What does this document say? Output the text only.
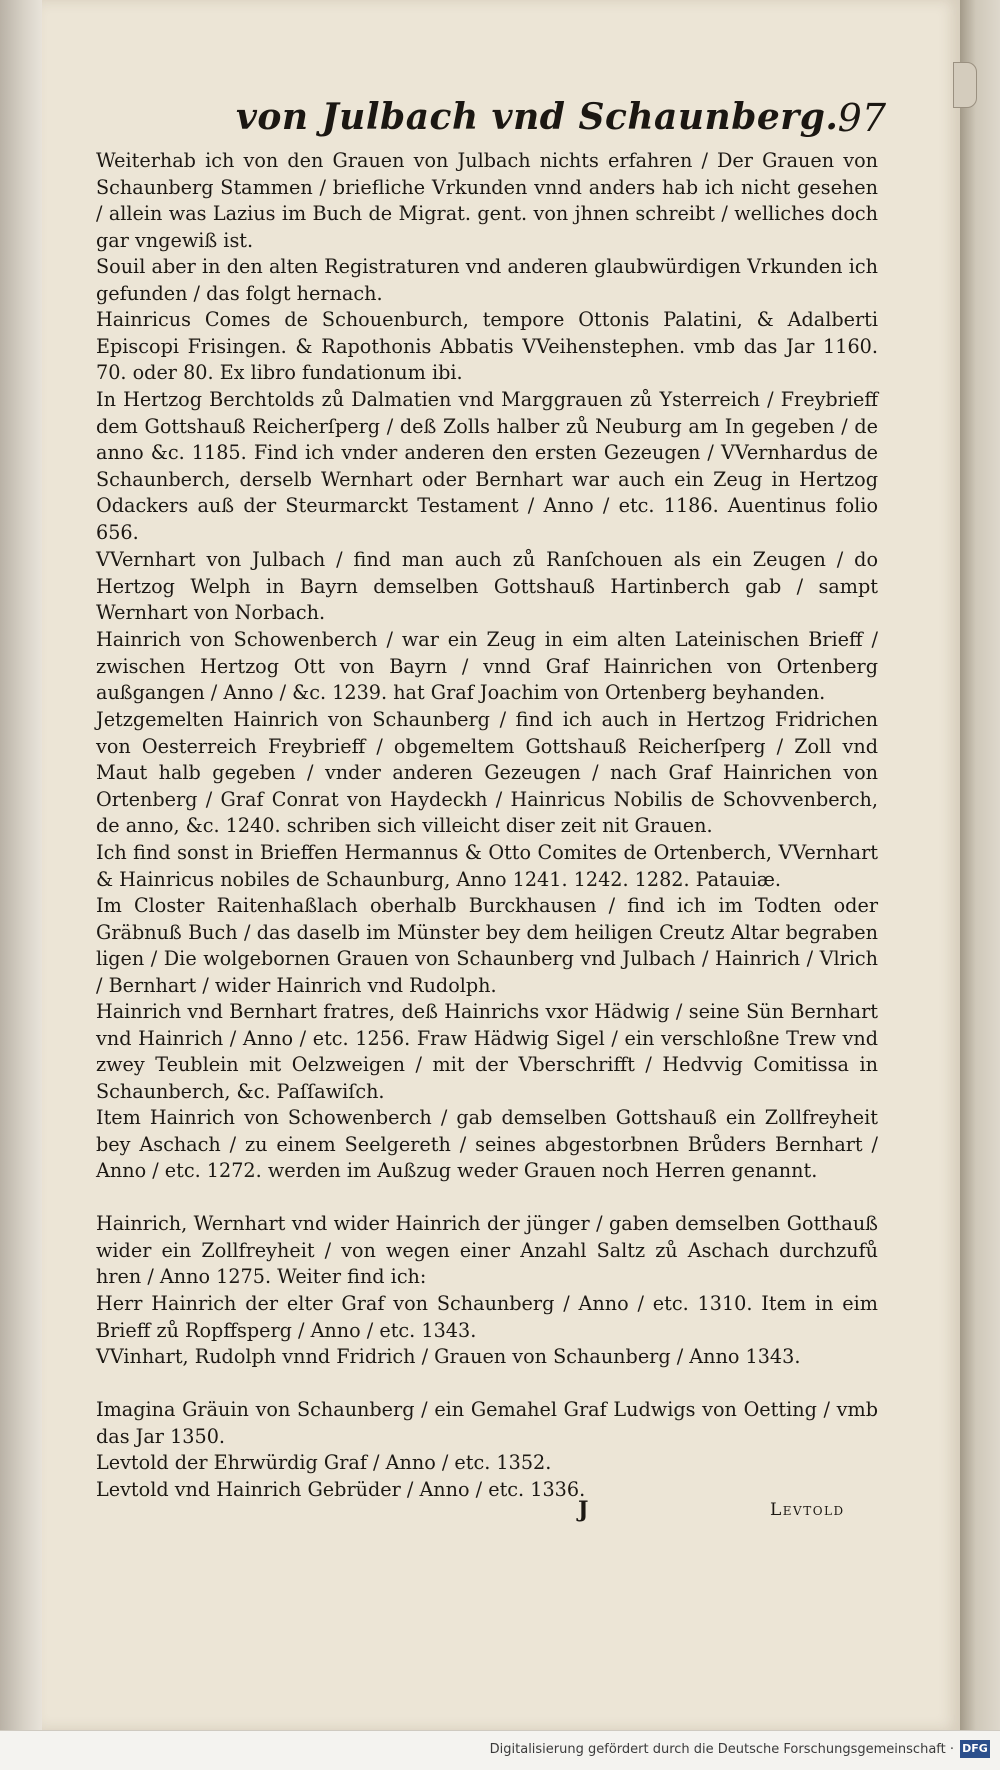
von Julbach vnd Schaunberg. 97

Weiterhab ich von den Grauen von Julbach nichts erfahren / Der Grauen von Schaunberg Stammen / briefliche Vrkunden vnnd anders hab ich nicht gesehen / allein was Lazius im Buch de Migrat. gent. von jhnen schreibt / welliches doch gar vngewiß ist.

Souil aber in den alten Registraturen vnd anderen glaubwürdigen Vrkunden ich gefunden / das folgt hernach.

Hainricus Comes de Schouenburch, tempore Ottonis Palatini, & Adalberti Episcopi Frisingen. & Rapothonis Abbatis VVeihenstephen. vmb das Jar 1160. 70. oder 80. Ex libro fundationum ibi.

In Hertzog Berchtolds zů Dalmatien vnd Marggrauen zů Ysterreich / Freybrieff dem Gottshauß Reicherſperg / deß Zolls halber zů Neuburg am In gegeben / de anno &c. 1185. Find ich vnder anderen den ersten Gezeugen / VVernhardus de Schaunberch, derselb Wernhart oder Bernhart war auch ein Zeug in Hertzog Odackers auß der Steurmarckt Testament / Anno / etc. 1186. Auentinus folio 656.

VVernhart von Julbach / find man auch zů Ranſchouen als ein Zeugen / do Hertzog Welph in Bayrn demselben Gottshauß Hartinberch gab / sampt Wernhart von Norbach.

Hainrich von Schowenberch / war ein Zeug in eim alten Lateinischen Brieff / zwischen Hertzog Ott von Bayrn / vnnd Graf Hainrichen von Ortenberg außgangen / Anno / &c. 1239. hat Graf Joachim von Ortenberg beyhanden.

Jetzgemelten Hainrich von Schaunberg / find ich auch in Hertzog Fridrichen von Oesterreich Freybrieff / obgemeltem Gottshauß Reicherſperg / Zoll vnd Maut halb gegeben / vnder anderen Gezeugen / nach Graf Hainrichen von Ortenberg / Graf Conrat von Haydeckh / Hainricus Nobilis de Schovvenberch, de anno, &c. 1240. schriben sich villeicht diser zeit nit Grauen.

Ich find sonst in Brieffen Hermannus & Otto Comites de Ortenberch, VVernhart & Hainricus nobiles de Schaunburg, Anno 1241. 1242. 1282. Patauiæ.

Im Closter Raitenhaßlach oberhalb Burckhausen / find ich im Todten oder Gräbnuß Buch / das daselb im Münster bey dem heiligen Creutz Altar begraben ligen / Die wolgebornen Grauen von Schaunberg vnd Julbach / Hainrich / Vlrich / Bernhart / wider Hainrich vnd Rudolph.

Hainrich vnd Bernhart fratres, deß Hainrichs vxor Hädwig / seine Sün Bernhart vnd Hainrich / Anno / etc. 1256. Fraw Hädwig Sigel / ein verschloßne Trew vnd zwey Teublein mit Oelzweigen / mit der Vberschrifft / Hedvvig Comitissa in Schaunberch, &c. Paſſawiſch.

Item Hainrich von Schowenberch / gab demselben Gottshauß ein Zollfreyheit bey Aschach / zu einem Seelgereth / seines abgestorbnen Brůders Bernhart / Anno / etc. 1272. werden im Außzug weder Grauen noch Herren genannt.

Hainrich, Wernhart vnd wider Hainrich der jünger / gaben demselben Gotthauß wider ein Zollfreyheit / von wegen einer Anzahl Saltz zů Aschach durchzufů hren / Anno 1275. Weiter find ich:

Herr Hainrich der elter Graf von Schaunberg / Anno / etc. 1310. Item in eim Brieff zů Ropffsperg / Anno / etc. 1343.

VVinhart, Rudolph vnnd Fridrich / Grauen von Schaunberg / Anno 1343.

Imagina Gräuin von Schaunberg / ein Gemahel Graf Ludwigs von Oetting / vmb das Jar 1350.

Levtold der Ehrwürdig Graf / Anno / etc. 1352.

Levtold vnd Hainrich Gebrüder / Anno / etc. 1336.

J	Levtold
Digitalisierung gefördert durch die Deutsche Forschungsgemeinschaft · DFG
